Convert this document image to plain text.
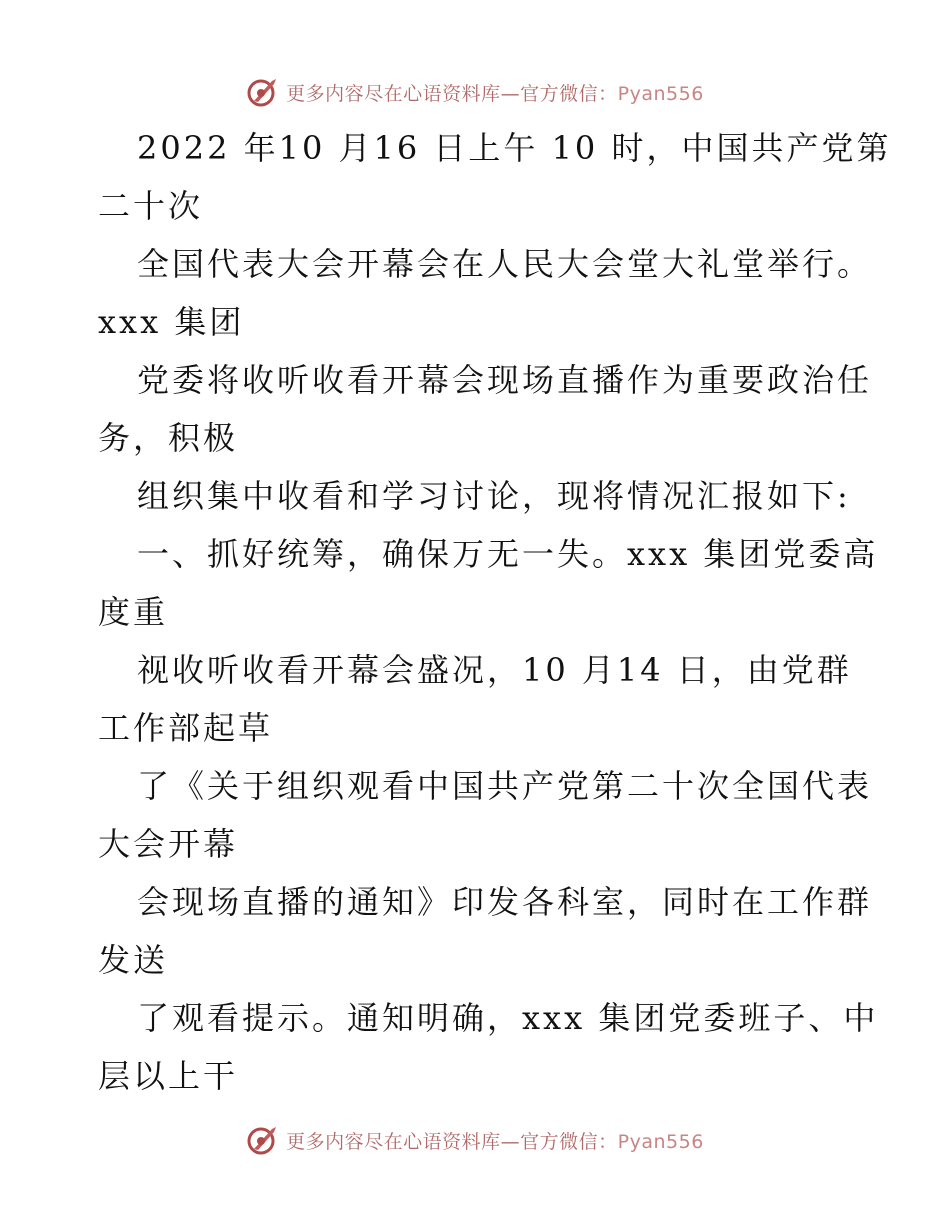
更多内容尽在心语资料库—官方微信：Pyan556
2022 年10 月16 日上午 10 时，中国共产党第
二十次
全国代表大会开幕会在人民大会堂大礼堂举行。
xxx 集团
党委将收听收看开幕会现场直播作为重要政治任
务，积极
组织集中收看和学习讨论，现将情况汇报如下:
一、抓好统筹，确保万无一失。xxx 集团党委高
度重
视收听收看开幕会盛况，10 月14 日，由党群
工作部起草
了《关于组织观看中国共产党第二十次全国代表
大会开幕
会现场直播的通知》印发各科室，同时在工作群
发送
了观看提示。通知明确，xxx 集团党委班子、中
层以上干
更多内容尽在心语资料库—官方微信：Pyan556
